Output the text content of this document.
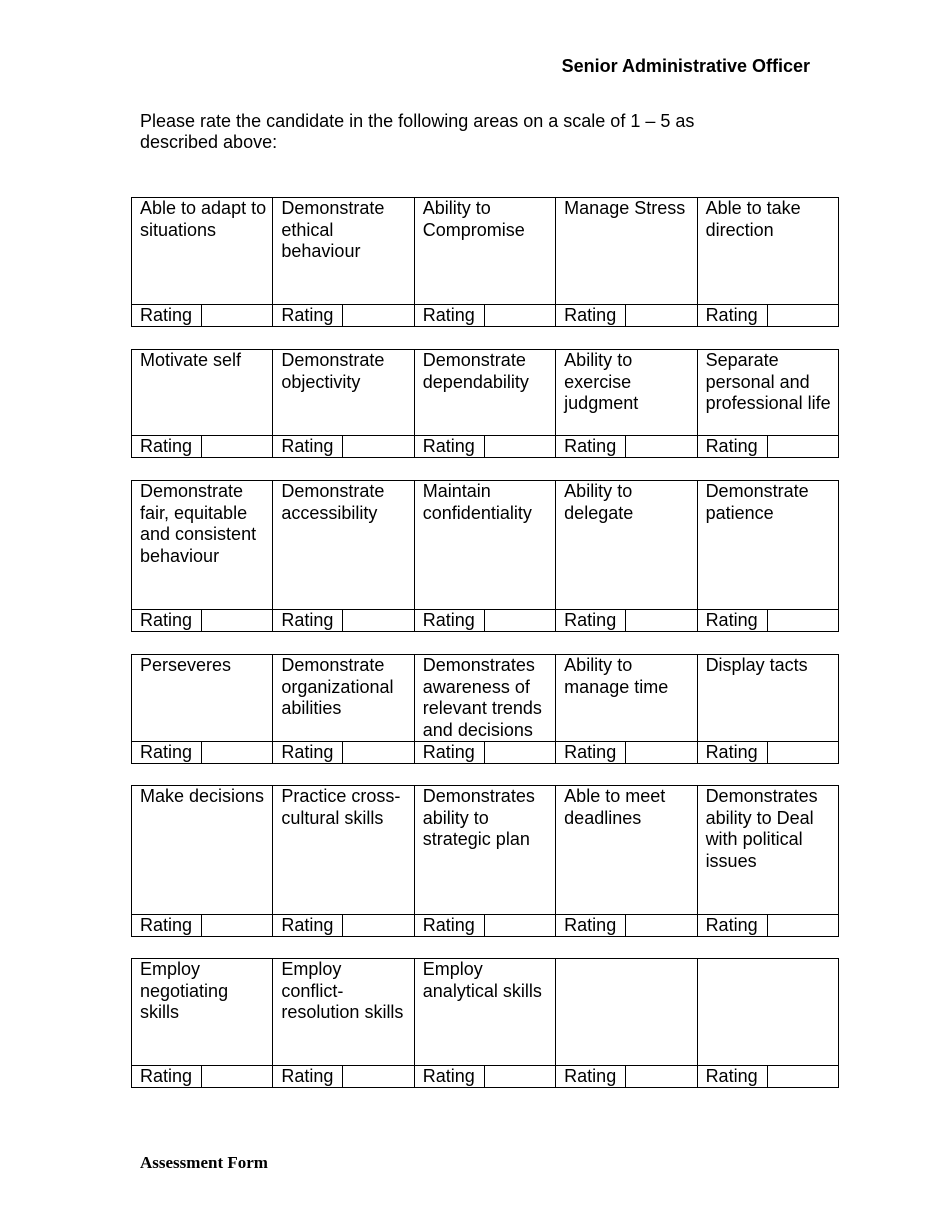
Senior Administrative Officer
Please rate the candidate in the following areas on a scale of 1 – 5 as described above:
Able to adapt to situations	Demonstrate ethical behaviour	Ability to Compromise	Manage Stress	Able to take direction

Rating	Rating	Rating	Rating	Rating
Motivate self	Demonstrate objectivity	Demonstrate dependability	Ability to exercise judgment	Separate personal and professional life

Rating	Rating	Rating	Rating	Rating
Demonstrate fair, equitable and consistent behaviour	Demonstrate accessibility	Maintain confidentiality	Ability to delegate	Demonstrate patience

Rating	Rating	Rating	Rating	Rating
Perseveres	Demonstrate organizational abilities	Demonstrates awareness of relevant trends and decisions	Ability to manage time	Display tacts

Rating	Rating	Rating	Rating	Rating
Make decisions	Practice cross-cultural skills	Demonstrates ability to strategic plan	Able to meet deadlines	Demonstrates ability to Deal with political issues

Rating	Rating	Rating	Rating	Rating
Employ negotiating skills	Employ conflict-resolution skills	Employ analytical skills		

Rating	Rating	Rating	Rating	Rating
Assessment Form
